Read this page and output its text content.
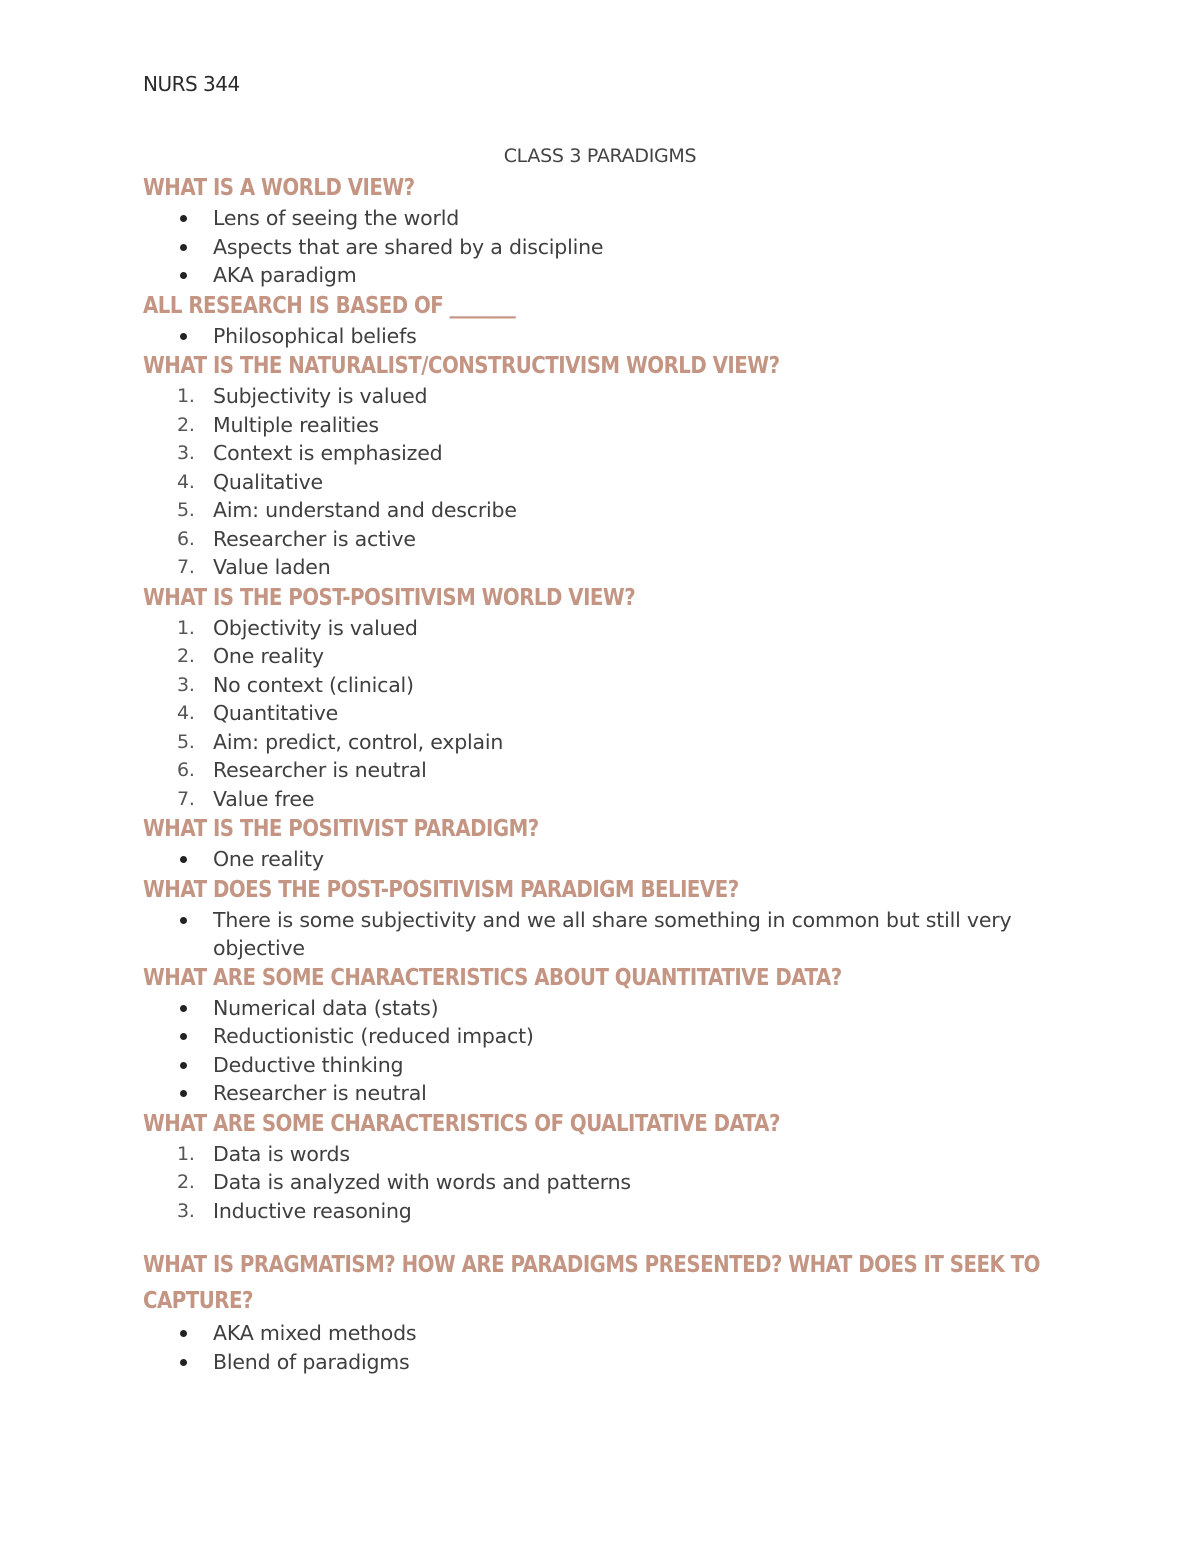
NURS 344
CLASS 3 PARADIGMS
WHAT IS A WORLD VIEW?
Lens of seeing the world
Aspects that are shared by a discipline
AKA paradigm
ALL RESEARCH IS BASED OF _______
Philosophical beliefs
WHAT IS THE NATURALIST/CONSTRUCTIVISM WORLD VIEW?
1. Subjectivity is valued
2. Multiple realities
3. Context is emphasized
4. Qualitative
5. Aim: understand and describe
6. Researcher is active
7. Value laden
WHAT IS THE POST-POSITIVISM WORLD VIEW?
1. Objectivity is valued
2. One reality
3. No context (clinical)
4. Quantitative
5. Aim: predict, control, explain
6. Researcher is neutral
7. Value free
WHAT IS THE POSITIVIST PARADIGM?
One reality
WHAT DOES THE POST-POSITIVISM PARADIGM BELIEVE?
There is some subjectivity and we all share something in common but still very objective
WHAT ARE SOME CHARACTERISTICS ABOUT QUANTITATIVE DATA?
Numerical data (stats)
Reductionistic (reduced impact)
Deductive thinking
Researcher is neutral
WHAT ARE SOME CHARACTERISTICS OF QUALITATIVE DATA?
1. Data is words
2. Data is analyzed with words and patterns
3. Inductive reasoning
WHAT IS PRAGMATISM? HOW ARE PARADIGMS PRESENTED? WHAT DOES IT SEEK TO CAPTURE?
AKA mixed methods
Blend of paradigms
